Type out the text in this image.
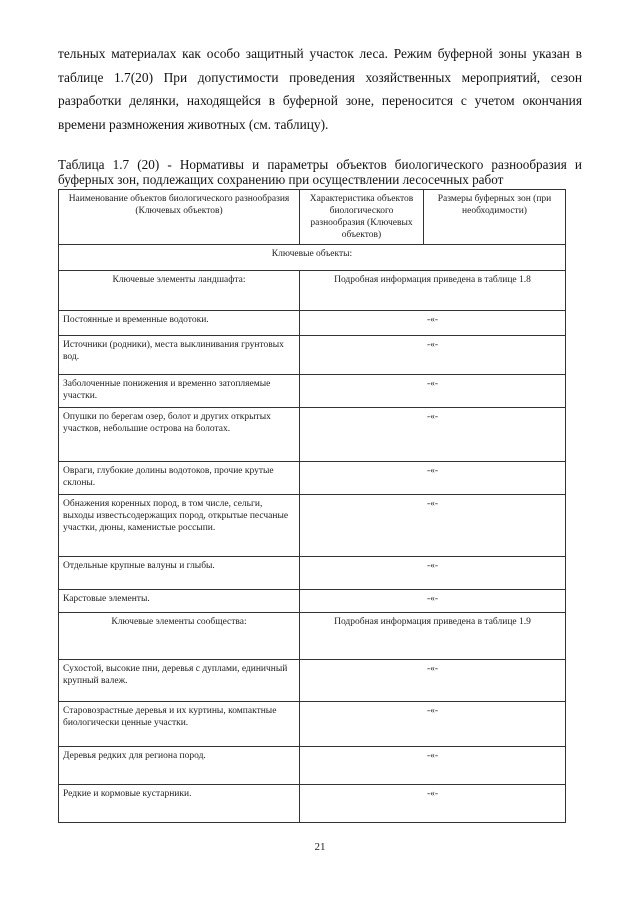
тельных материалах как особо защитный участок леса. Режим буферной зоны указан в таблице 1.7(20) При допустимости проведения хозяйственных мероприятий, сезон разработки делянки, находящейся в буферной зоне, переносится с учетом окончания времени размножения животных (см. таблицу).
Таблица 1.7 (20) - Нормативы и параметры объектов биологического разнообразия и буферных зон, подлежащих сохранению при осуществлении лесосечных работ
Наименование объектов биологического разнообразия (Ключевых объектов)	Характеристика объектов биологического разнообразия (Ключевых объектов)	Размеры буферных зон (при необходимости)
Ключевые объекты:		
Ключевые элементы ландшафта:	Подробная информация приведена в таблице 1.8	
Постоянные и временные водотоки.	-«-	
Источники (родники), места выклинивания грунтовых вод.	-«-	
Заболоченные понижения и временно затопляемые участки.	-«-	
Опушки по берегам озер, болот и других открытых участков, небольшие острова на болотах.	-«-	
Овраги, глубокие долины водотоков, прочие крутые склоны.	-«-	
Обнажения коренных пород, в том числе, сельги, выходы известьсодержащих пород, открытые песчаные участки, дюны, каменистые россыпи.	-«-	
Отдельные крупные валуны и глыбы.	-«-	
Карстовые элементы.	-«-	
Ключевые элементы сообщества:	Подробная информация приведена в таблице 1.9	
Сухостой, высокие пни, деревья с дуплами, единичный крупный валеж.	-«-	
Старовозрастные деревья и их куртины, компактные биологически ценные участки.	-«-	
Деревья редких для региона пород.	-«-	
Редкие и кормовые кустарники.	-«-	
21
